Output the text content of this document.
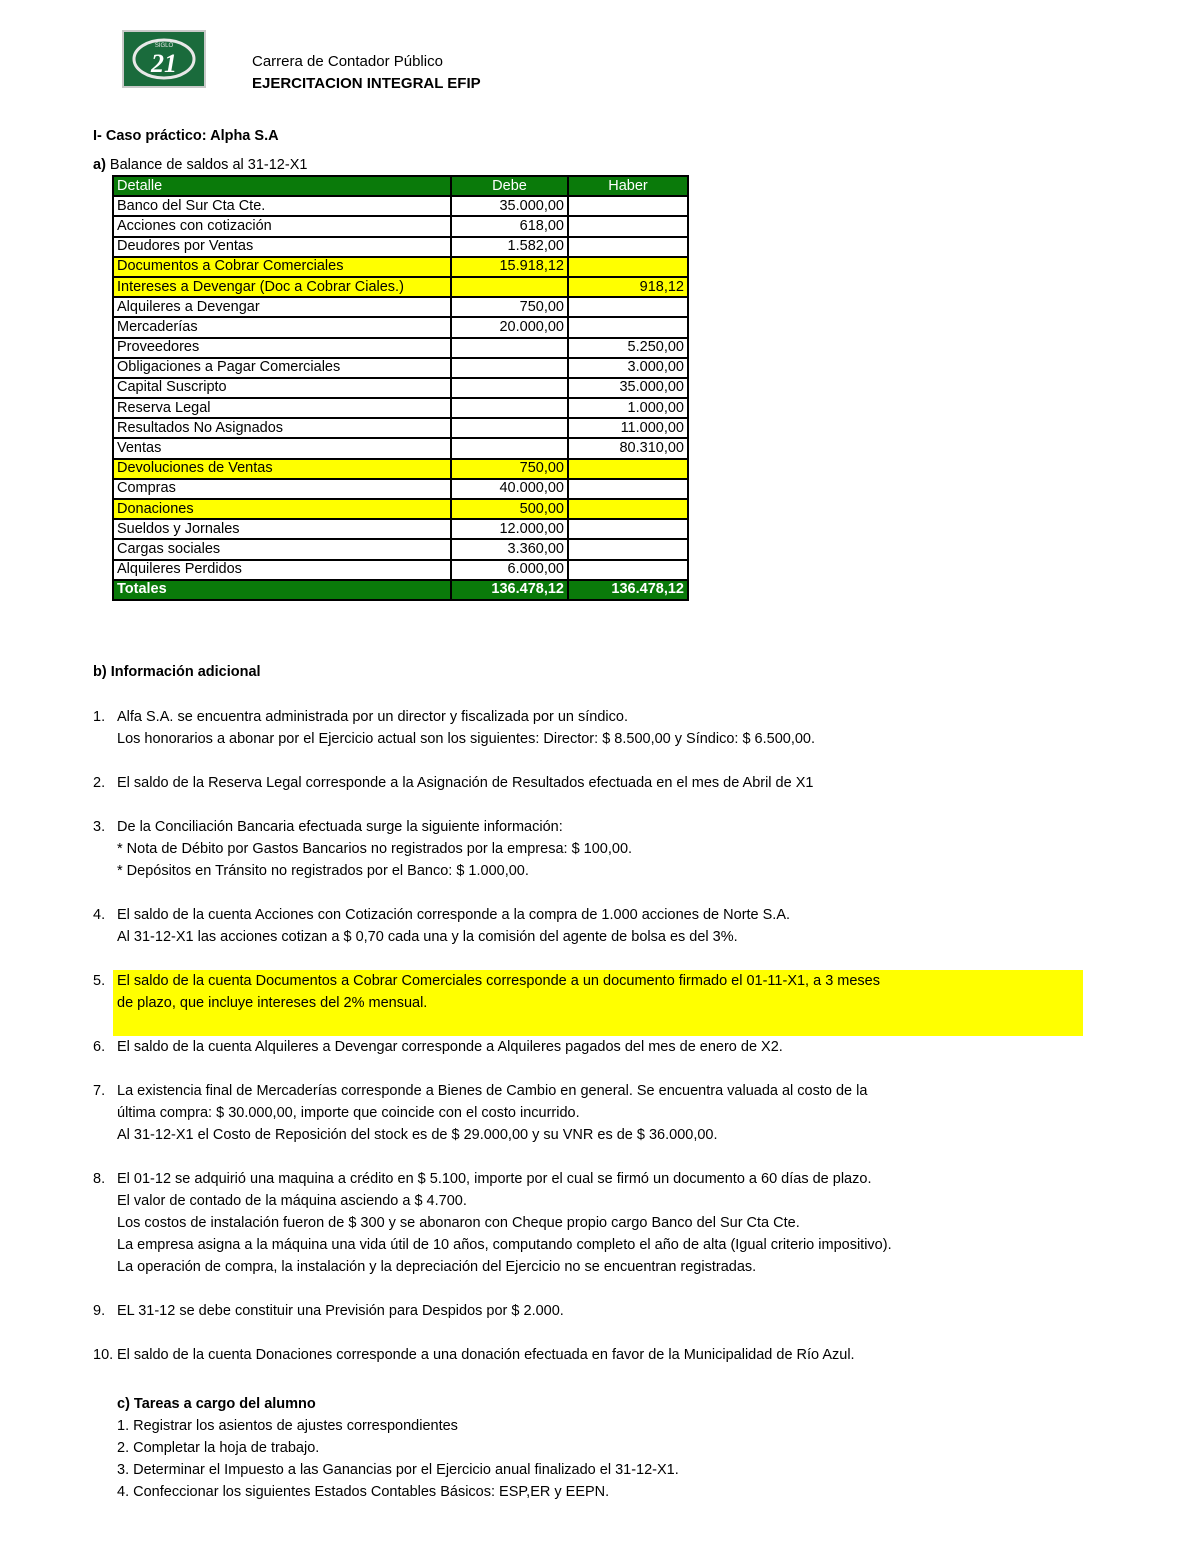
SIGLO
21	Carrera de Contador Público
EJERCITACION INTEGRAL EFIP
I- Caso práctico: Alpha S.A
a) Balance de saldos al 31-12-X1
Detalle	Debe	Haber
Banco del Sur Cta Cte.	35.000,00	
Acciones con cotización	618,00	
Deudores por Ventas	1.582,00	
Documentos a Cobrar Comerciales	15.918,12	
Intereses a Devengar (Doc a Cobrar Ciales.)		918,12
Alquileres a Devengar	750,00	
Mercaderías	20.000,00	
Proveedores		5.250,00
Obligaciones a Pagar Comerciales		3.000,00
Capital Suscripto		35.000,00
Reserva Legal		1.000,00
Resultados No Asignados		11.000,00
Ventas		80.310,00
Devoluciones de Ventas	750,00	
Compras	40.000,00	
Donaciones	500,00	
Sueldos y Jornales	12.000,00	
Cargas sociales	3.360,00	
Alquileres Perdidos	6.000,00	
Totales	136.478,12	136.478,12
b) Información adicional
1. Alfa S.A. se encuentra administrada por un director y fiscalizada por un síndico.
Los honorarios a abonar por el Ejercicio actual son los siguientes: Director: $ 8.500,00 y Síndico: $ 6.500,00.
2. El saldo de la Reserva Legal corresponde a la Asignación de Resultados efectuada en el mes de Abril de X1
3. De la Conciliación Bancaria efectuada surge la siguiente información:
* Nota de Débito por Gastos Bancarios no registrados por la empresa: $ 100,00.
* Depósitos en Tránsito no registrados por el Banco: $ 1.000,00.
4. El saldo de la cuenta Acciones con Cotización corresponde a la compra de 1.000 acciones de Norte S.A.
Al 31-12-X1 las acciones cotizan a $ 0,70 cada una y la comisión del agente de bolsa es del 3%.
5. El saldo de la cuenta Documentos a Cobrar Comerciales corresponde a un documento firmado el 01-11-X1, a 3 meses
de plazo, que incluye intereses del 2% mensual.
6. El saldo de la cuenta Alquileres a Devengar corresponde a Alquileres pagados del mes de enero de X2.
7. La existencia final de Mercaderías corresponde a Bienes de Cambio en general. Se encuentra valuada al costo de la
última compra: $ 30.000,00, importe que coincide con el costo incurrido.
Al 31-12-X1 el Costo de Reposición del stock es de $ 29.000,00 y su VNR es de $ 36.000,00.
8. El 01-12 se adquirió una maquina a crédito en $ 5.100, importe por el cual se firmó un documento a 60 días de plazo.
El valor de contado de la máquina asciendo a $ 4.700.
Los costos de instalación fueron de $ 300 y se abonaron con Cheque propio cargo Banco del Sur Cta Cte.
La empresa asigna a la máquina una vida útil de 10 años, computando completo el año de alta (Igual criterio impositivo).
La operación de compra, la instalación y la depreciación del Ejercicio no se encuentran registradas.
9. EL 31-12 se debe constituir una Previsión para Despidos por $ 2.000.
10. El saldo de la cuenta Donaciones corresponde a una donación efectuada en favor de la Municipalidad de Río Azul.
c) Tareas a cargo del alumno
1. Registrar los asientos de ajustes correspondientes
2. Completar la hoja de trabajo.
3. Determinar el Impuesto a las Ganancias por el Ejercicio anual finalizado el 31-12-X1.
4. Confeccionar los siguientes Estados Contables Básicos: ESP,ER y EEPN.
